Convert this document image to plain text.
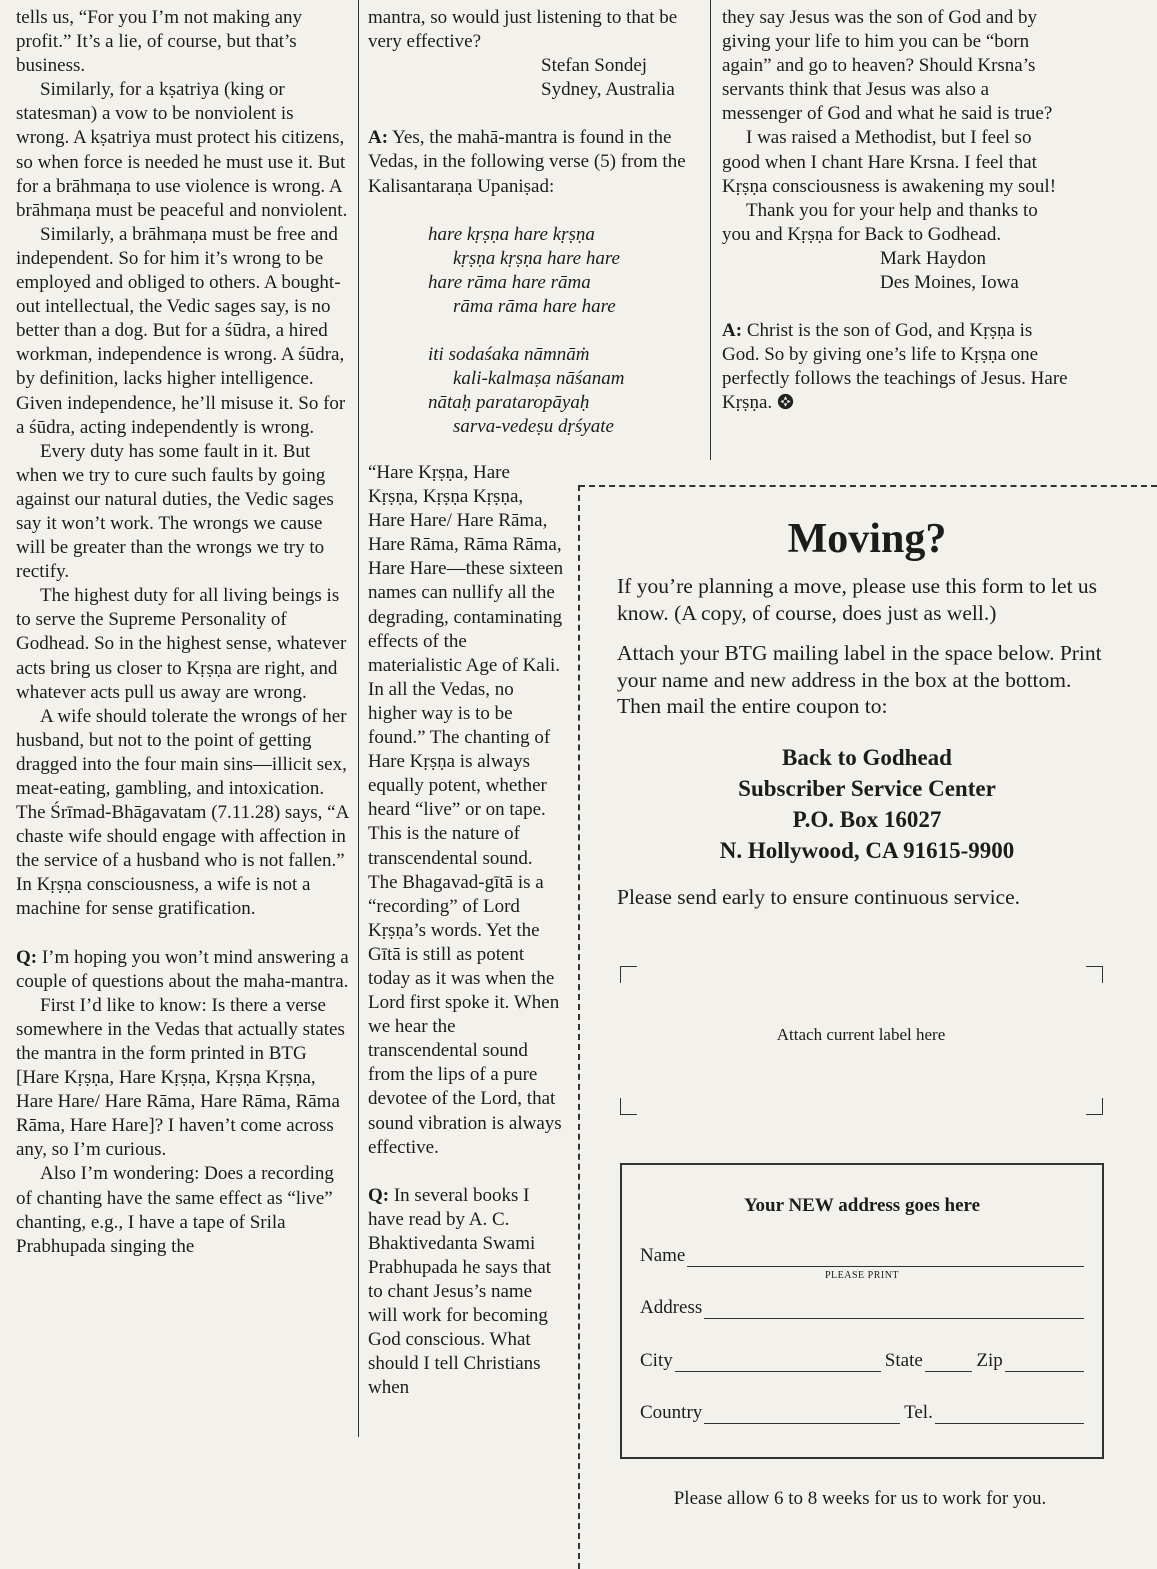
tells us, “For you I’m not making any profit.” It’s a lie, of course, but that’s business.

Similarly, for a kṣatriya (king or statesman) a vow to be nonviolent is wrong. A kṣatriya must protect his citizens, so when force is needed he must use it. But for a brāhmaṇa to use violence is wrong. A brāhmaṇa must be peaceful and nonviolent.

Similarly, a brāhmaṇa must be free and independent. So for him it’s wrong to be employed and obliged to others. A bought-out intellectual, the Vedic sages say, is no better than a dog. But for a śūdra, a hired workman, independence is wrong. A śūdra, by definition, lacks higher intelligence. Given independence, he’ll misuse it. So for a śūdra, acting independently is wrong.

Every duty has some fault in it. But when we try to cure such faults by going against our natural duties, the Vedic sages say it won’t work. The wrongs we cause will be greater than the wrongs we try to rectify.

The highest duty for all living beings is to serve the Supreme Personality of Godhead. So in the highest sense, whatever acts bring us closer to Kṛṣṇa are right, and whatever acts pull us away are wrong.

A wife should tolerate the wrongs of her husband, but not to the point of getting dragged into the four main sins—illicit sex, meat-eating, gambling, and intoxication. The Śrīmad-Bhāgavatam (7.11.28) says, “A chaste wife should engage with affection in the service of a husband who is not fallen.” In Kṛṣṇa consciousness, a wife is not a machine for sense gratification.

Q: I’m hoping you won’t mind answering a couple of questions about the maha-mantra.

First I’d like to know: Is there a verse somewhere in the Vedas that actually states the mantra in the form printed in BTG [Hare Kṛṣṇa, Hare Kṛṣṇa, Kṛṣṇa Kṛṣṇa, Hare Hare/ Hare Rāma, Hare Rāma, Rāma Rāma, Hare Hare]? I haven’t come across any, so I’m curious.

Also I’m wondering: Does a recording of chanting have the same effect as “live” chanting, e.g., I have a tape of Srila Prabhupada singing the

mantra, so would just listening to that be very effective?

Stefan Sondej

Sydney, Australia

A: Yes, the mahā-mantra is found in the Vedas, in the following verse (5) from the Kalisantaraṇa Upaniṣad:

hare kṛṣṇa hare kṛṣṇa

kṛṣṇa kṛṣṇa hare hare

hare rāma hare rāma

rāma rāma hare hare

iti sodaśaka nāmnāṁ

kali-kalmaṣa nāśanam

nātaḥ parataropāyaḥ

sarva-vedeṣu dṛśyate

“Hare Kṛṣṇa, Hare Kṛṣṇa, Kṛṣṇa Kṛṣṇa, Hare Hare/ Hare Rāma, Hare Rāma, Rāma Rāma, Hare Hare—these sixteen names can nullify all the degrading, contaminating effects of the materialistic Age of Kali. In all the Vedas, no higher way is to be found.” The chanting of Hare Kṛṣṇa is always equally potent, whether heard “live” or on tape. This is the nature of transcendental sound. The Bhagavad-gītā is a “recording” of Lord Kṛṣṇa’s words. Yet the Gītā is still as potent today as it was when the Lord first spoke it. When we hear the transcendental sound from the lips of a pure devotee of the Lord, that sound vibration is always effective.

Q: In several books I have read by A. C. Bhaktivedanta Swami Prabhupada he says that to chant Jesus’s name will work for becoming God conscious. What should I tell Christians when

they say Jesus was the son of God and by giving your life to him you can be “born again” and go to heaven? Should Krsna’s servants think that Jesus was also a messenger of God and what he said is true?

I was raised a Methodist, but I feel so good when I chant Hare Krsna. I feel that Kṛṣṇa consciousness is awakening my soul!

Thank you for your help and thanks to you and Kṛṣṇa for Back to Godhead.

Mark Haydon

Des Moines, Iowa

A: Christ is the son of God, and Kṛṣṇa is God. So by giving one’s life to Kṛṣṇa one perfectly follows the teachings of Jesus. Hare Kṛṣṇa.

Moving?

If you’re planning a move, please use this form to let us know. (A copy, of course, does just as well.)

Attach your BTG mailing label in the space below. Print your name and new address in the box at the bottom. Then mail the entire coupon to:

Back to Godhead
Subscriber Service Center
P.O. Box 16027
N. Hollywood, CA 91615-9900

Please send early to ensure continuous service.

Attach current label here
Your NEW address goes here
Name
PLEASE PRINT
Address
City	State	Zip
Country	Tel.
Please allow 6 to 8 weeks for us to work for you.
